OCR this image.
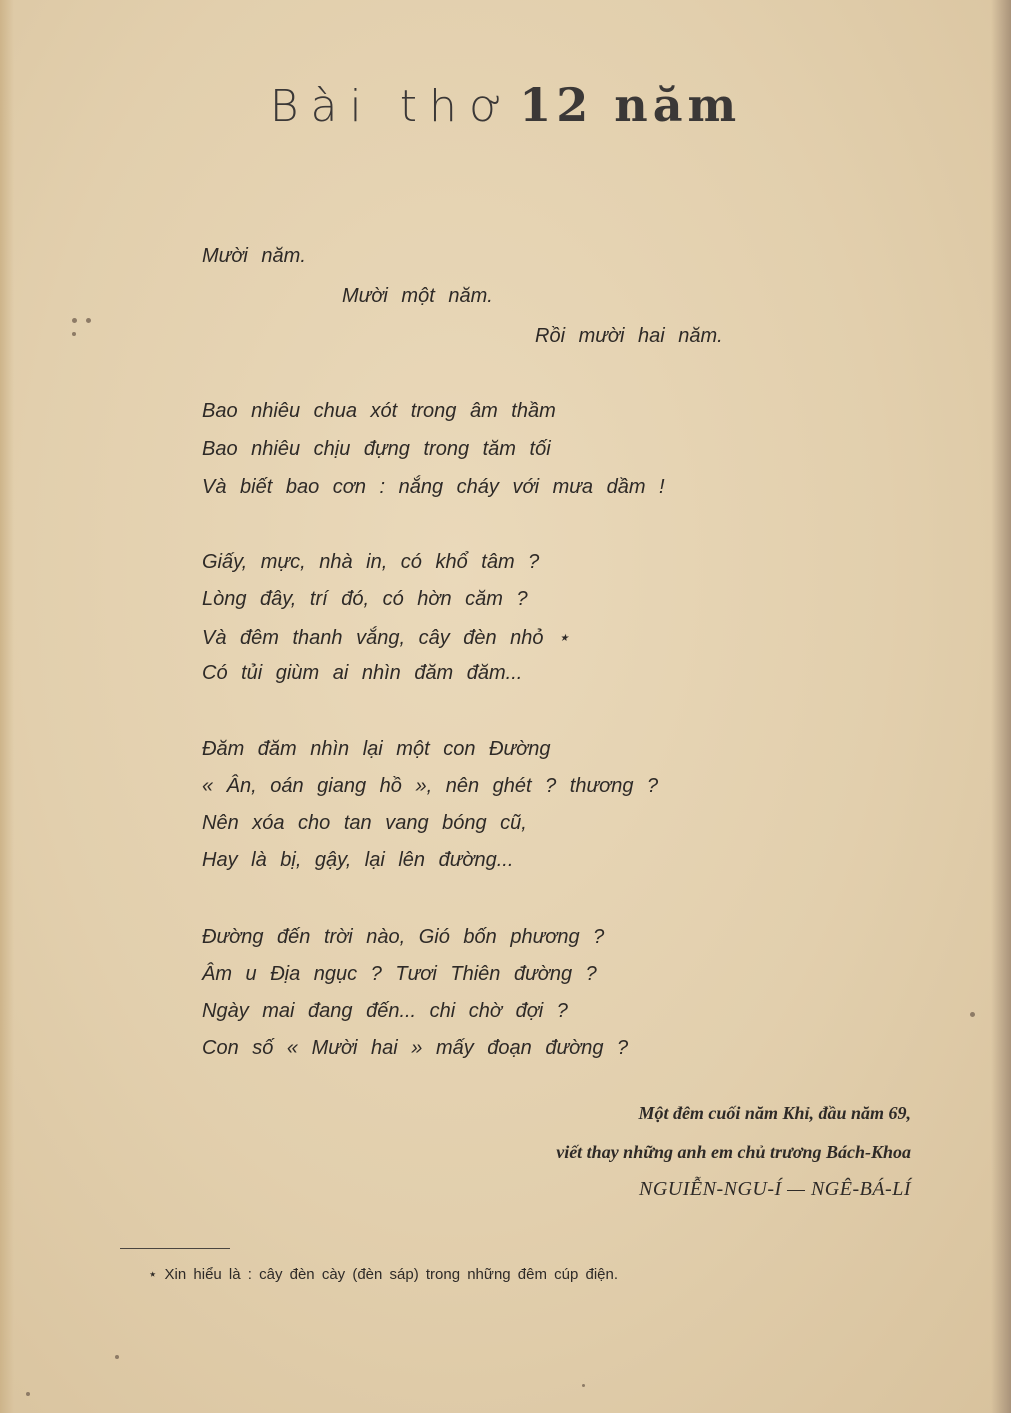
Bài thơ 12 năm
Mười năm.
Mười một năm.
Rồi mười hai năm.
Bao nhiêu chua xót trong âm thầm
Bao nhiêu chịu đựng trong tăm tối
Và biết bao cơn : nắng cháy với mưa dầm !
Giấy, mực, nhà in, có khổ tâm ?
Lòng đây, trí đó, có hờn căm ?
Và đêm thanh vắng, cây đèn nhỏ ⋆
Có tủi giùm ai nhìn đăm đăm...
Đăm đăm nhìn lại một con Đường
« Ân, oán giang hồ », nên ghét ? thương ?
Nên xóa cho tan vang bóng cũ,
Hay là bị, gậy, lại lên đường...
Đường đến trời nào, Gió bốn phương ?
Âm u Địa ngục ? Tươi Thiên đường ?
Ngày mai đang đến... chi chờ đợi ?
Con số « Mười hai » mấy đoạn đường ?
Một đêm cuối năm Khỉ, đầu năm 69,
viết thay những anh em chủ trương Bách-Khoa
NGUIỄN-NGU-Í — NGÊ-BÁ-LÍ
⋆ Xin hiểu là : cây đèn cày (đèn sáp) trong những đêm cúp điện.
